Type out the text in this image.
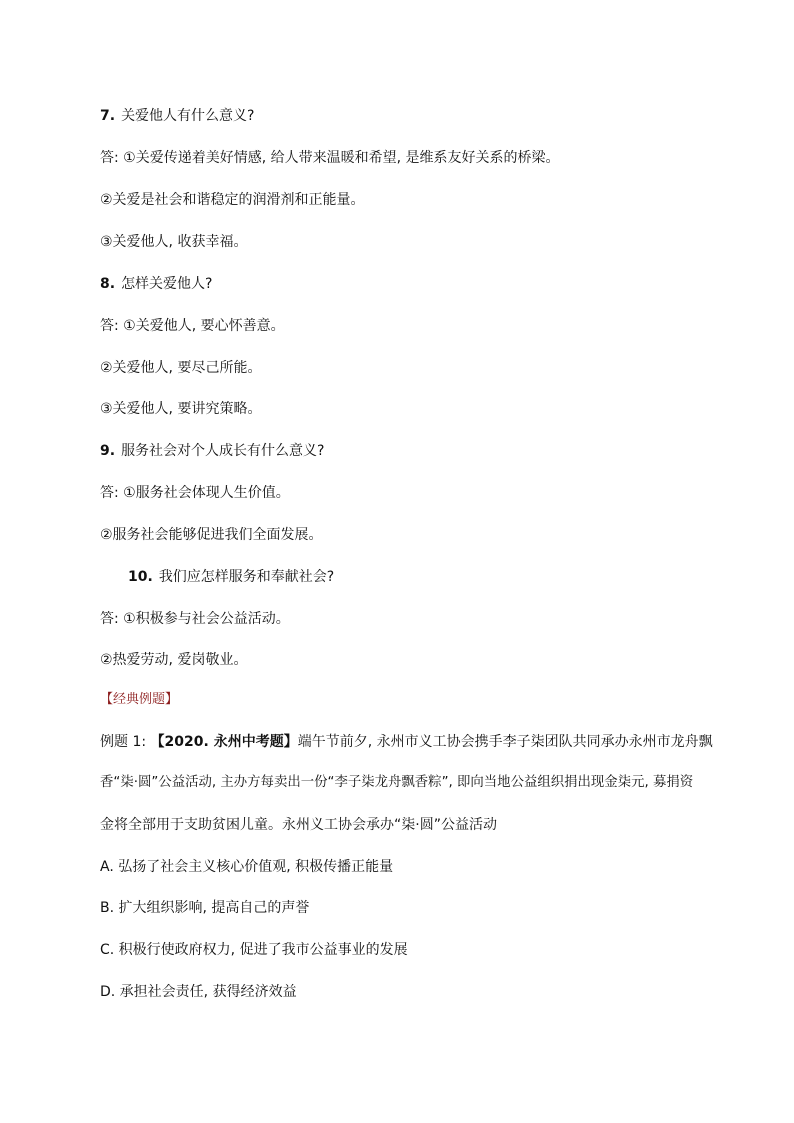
7. 关爱他人有什么意义?
答: ①关爱传递着美好情感, 给人带来温暖和希望, 是维系友好关系的桥梁。
②关爱是社会和谐稳定的润滑剂和正能量。
③关爱他人, 收获幸福。
8. 怎样关爱他人?
答: ①关爱他人, 要心怀善意。
②关爱他人, 要尽己所能。
③关爱他人, 要讲究策略。
9. 服务社会对个人成长有什么意义?
答: ①服务社会体现人生价值。
②服务社会能够促进我们全面发展。
10. 我们应怎样服务和奉献社会?
答: ①积极参与社会公益活动。
②热爱劳动, 爱岗敬业。
【经典例题】
例题 1: 【2020. 永州中考题】端午节前夕, 永州市义工协会携手李子柒团队共同承办永州市龙舟飘
香“柒·圆”公益活动, 主办方每卖出一份“李子柒龙舟飘香粽”, 即向当地公益组织捐出现金柒元, 募捐资
金将全部用于支助贫困儿童。永州义工协会承办“柒·圆”公益活动
A. 弘扬了社会主义核心价值观, 积极传播正能量
B. 扩大组织影响, 提高自己的声誉
C. 积极行使政府权力, 促进了我市公益事业的发展
D. 承担社会责任, 获得经济效益
